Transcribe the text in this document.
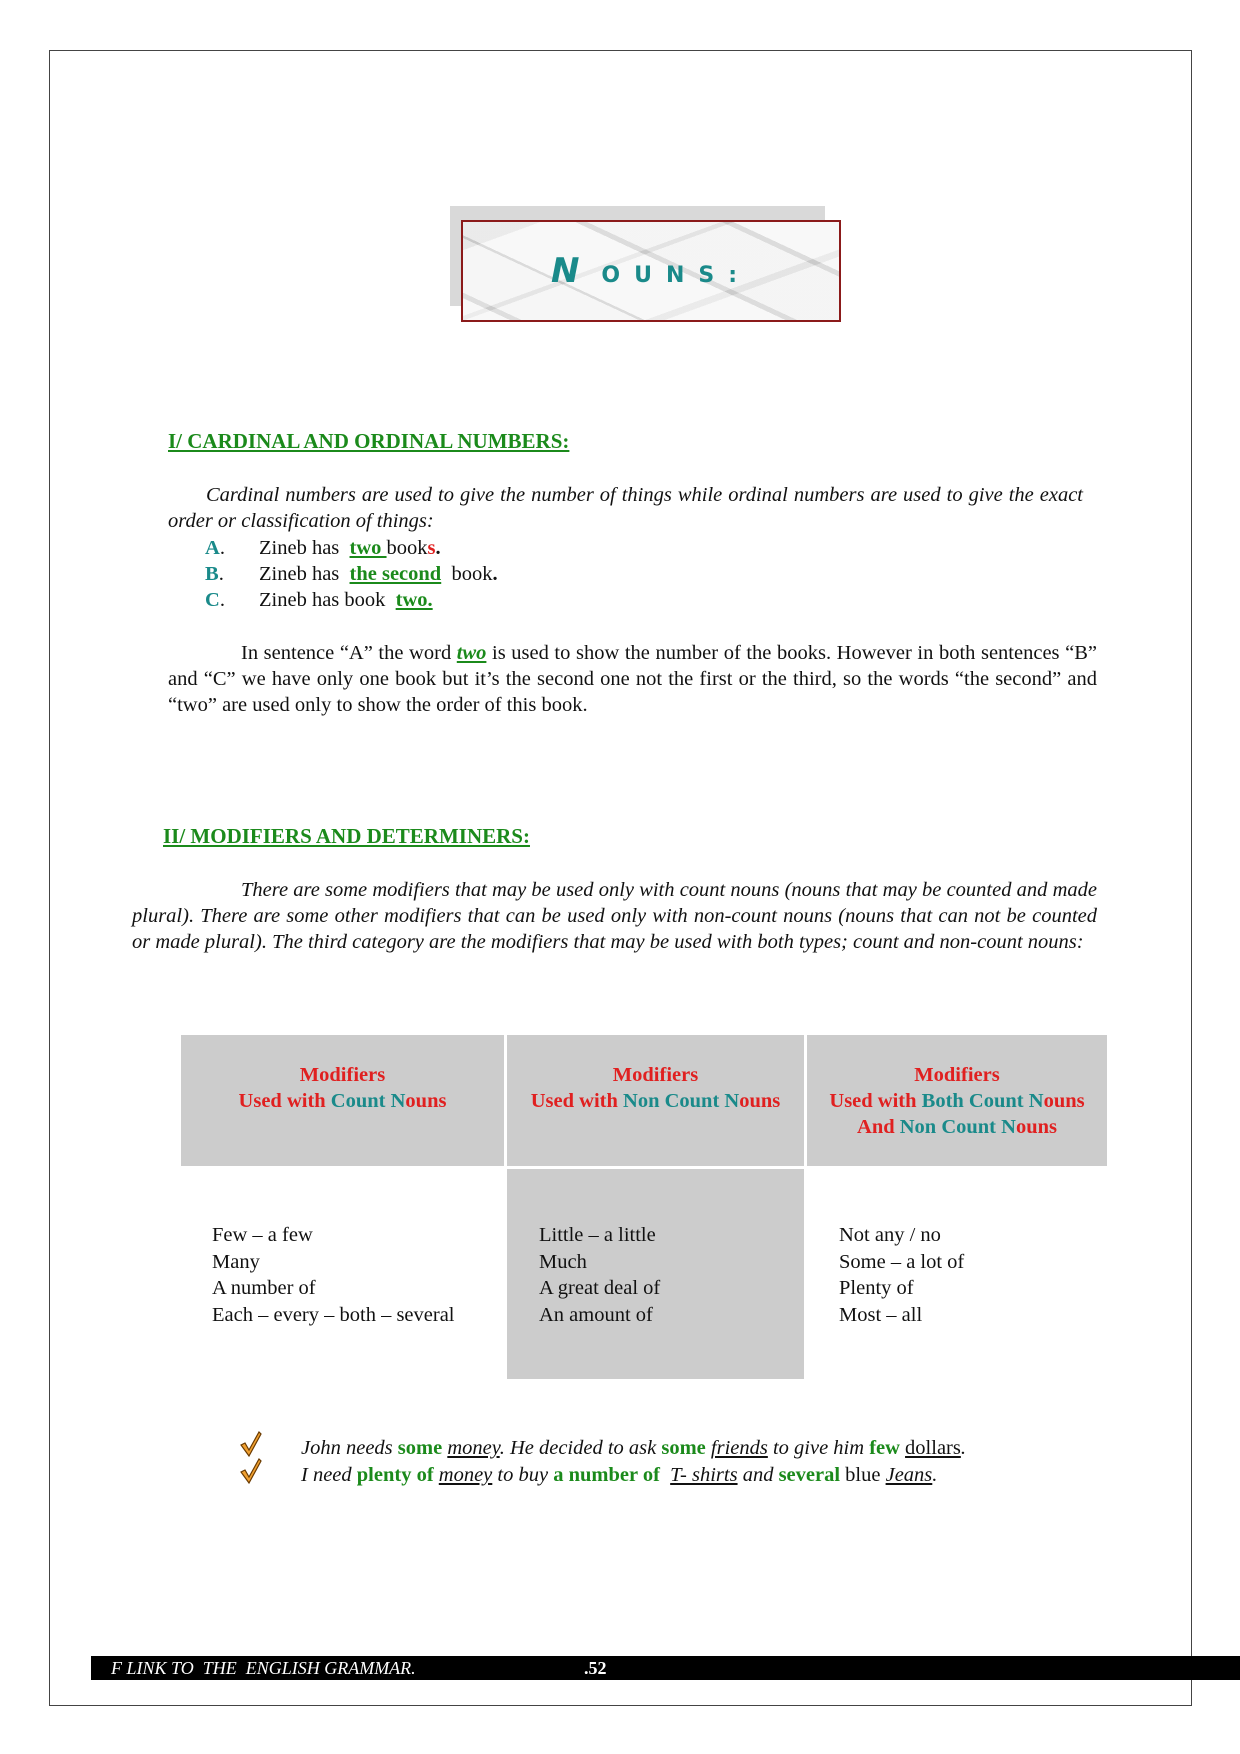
NOUNS:
I/ CARDINAL AND ORDINAL NUMBERS:

Cardinal numbers are used to give the number of things while ordinal numbers are used to give the exact order or classification of things:

A. Zineb has two books.
B. Zineb has the second  book.
C. Zineb has book two.

In sentence “A” the word two is used to show the number of the books. However in both sentences “B” and “C” we have only one book but it’s the second one not the first or the third, so the words “the second” and “two” are used only to show the order of this book.

II/ MODIFIERS AND DETERMINERS:

There are some modifiers that may be used only with count nouns (nouns that may be counted and made plural). There are some other modifiers that can be used only with non-count nouns (nouns that can not be counted or made plural). The third category are the modifiers that may be used with both types; count and non-count nouns:

Modifiers
Used with Count Nouns
Modifiers
Used with Non Count Nouns
Modifiers
Used with Both Count Nouns
And Non Count Nouns
Few – a few
Many
A number of
Each – every – both – several
Little – a little
Much
A great deal of
An amount of
Not any / no
Some – a lot of
Plenty of
Most – all
John needs some money. He decided to ask some friends to give him few dollars.
I need plenty of money to buy a number of T- shirts and several blue Jeans.
F LINK TO  THE  ENGLISH GRAMMAR.	.52
